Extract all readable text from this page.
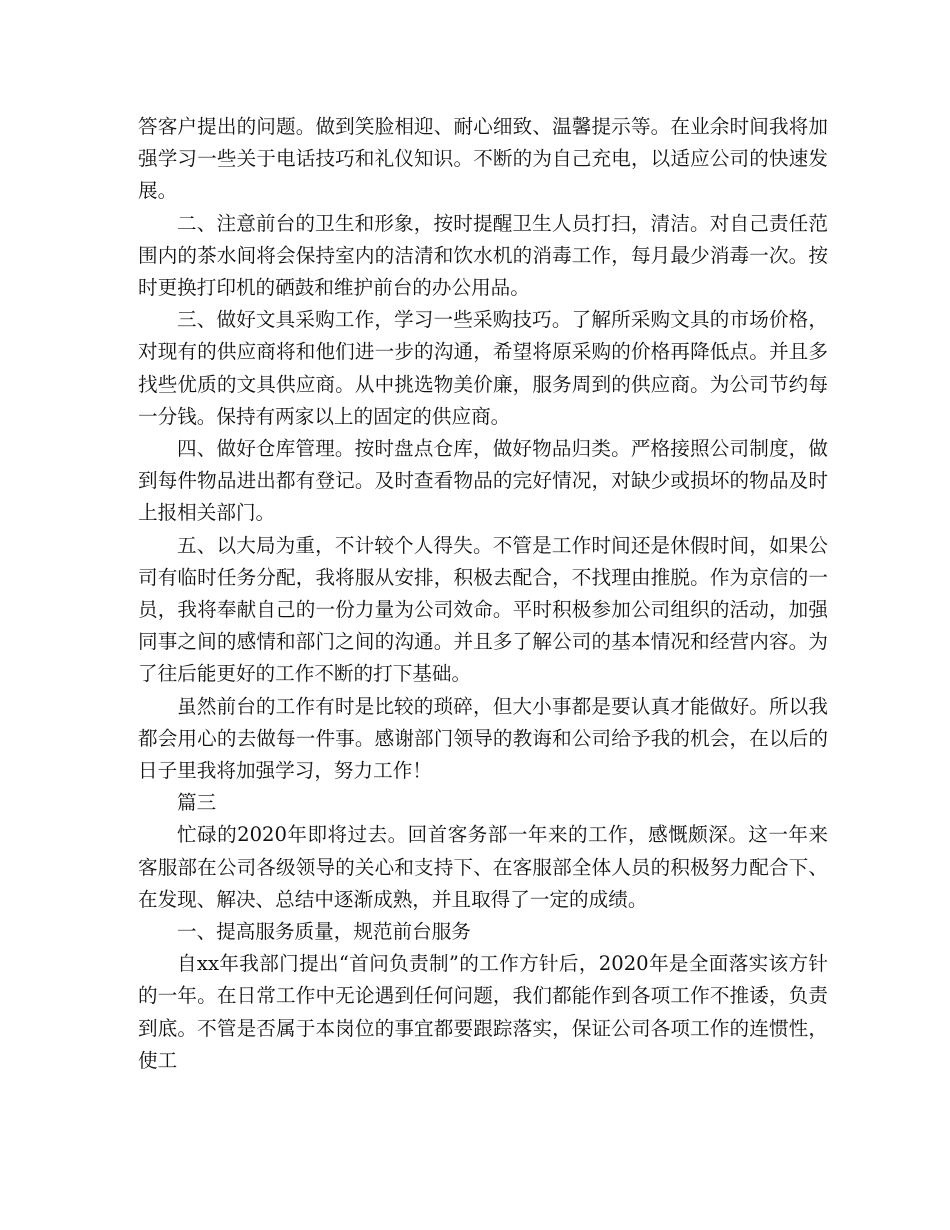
答客户提出的问题。做到笑脸相迎、耐心细致、温馨提示等。在业余时间我将加强学习一些关于电话技巧和礼仪知识。不断的为自己充电，以适应公司的快速发展。

二、注意前台的卫生和形象，按时提醒卫生人员打扫，清洁。对自己责任范围内的茶水间将会保持室内的洁清和饮水机的消毒工作，每月最少消毒一次。按时更换打印机的硒鼓和维护前台的办公用品。

三、做好文具采购工作，学习一些采购技巧。了解所采购文具的市场价格，对现有的供应商将和他们进一步的沟通，希望将原采购的价格再降低点。并且多找些优质的文具供应商。从中挑选物美价廉，服务周到的供应商。为公司节约每一分钱。保持有两家以上的固定的供应商。

四、做好仓库管理。按时盘点仓库，做好物品归类。严格接照公司制度，做到每件物品进出都有登记。及时查看物品的完好情况，对缺少或损坏的物品及时上报相关部门。

五、以大局为重，不计较个人得失。不管是工作时间还是休假时间，如果公司有临时任务分配，我将服从安排，积极去配合，不找理由推脱。作为京信的一员，我将奉献自己的一份力量为公司效命。平时积极参加公司组织的活动，加强同事之间的感情和部门之间的沟通。并且多了解公司的基本情况和经营内容。为了往后能更好的工作不断的打下基础。

虽然前台的工作有时是比较的琐碎，但大小事都是要认真才能做好。所以我都会用心的去做每一件事。感谢部门领导的教诲和公司给予我的机会，在以后的日子里我将加强学习，努力工作！

篇三

忙碌的2020年即将过去。回首客务部一年来的工作，感慨颇深。这一年来客服部在公司各级领导的关心和支持下、在客服部全体人员的积极努力配合下、在发现、解决、总结中逐渐成熟，并且取得了一定的成绩。

一、提高服务质量，规范前台服务

自xx年我部门提出“首问负责制”的工作方针后，2020年是全面落实该方针的一年。在日常工作中无论遇到任何问题，我们都能作到各项工作不推诿，负责到底。不管是否属于本岗位的事宜都要跟踪落实，保证公司各项工作的连惯性，使工
